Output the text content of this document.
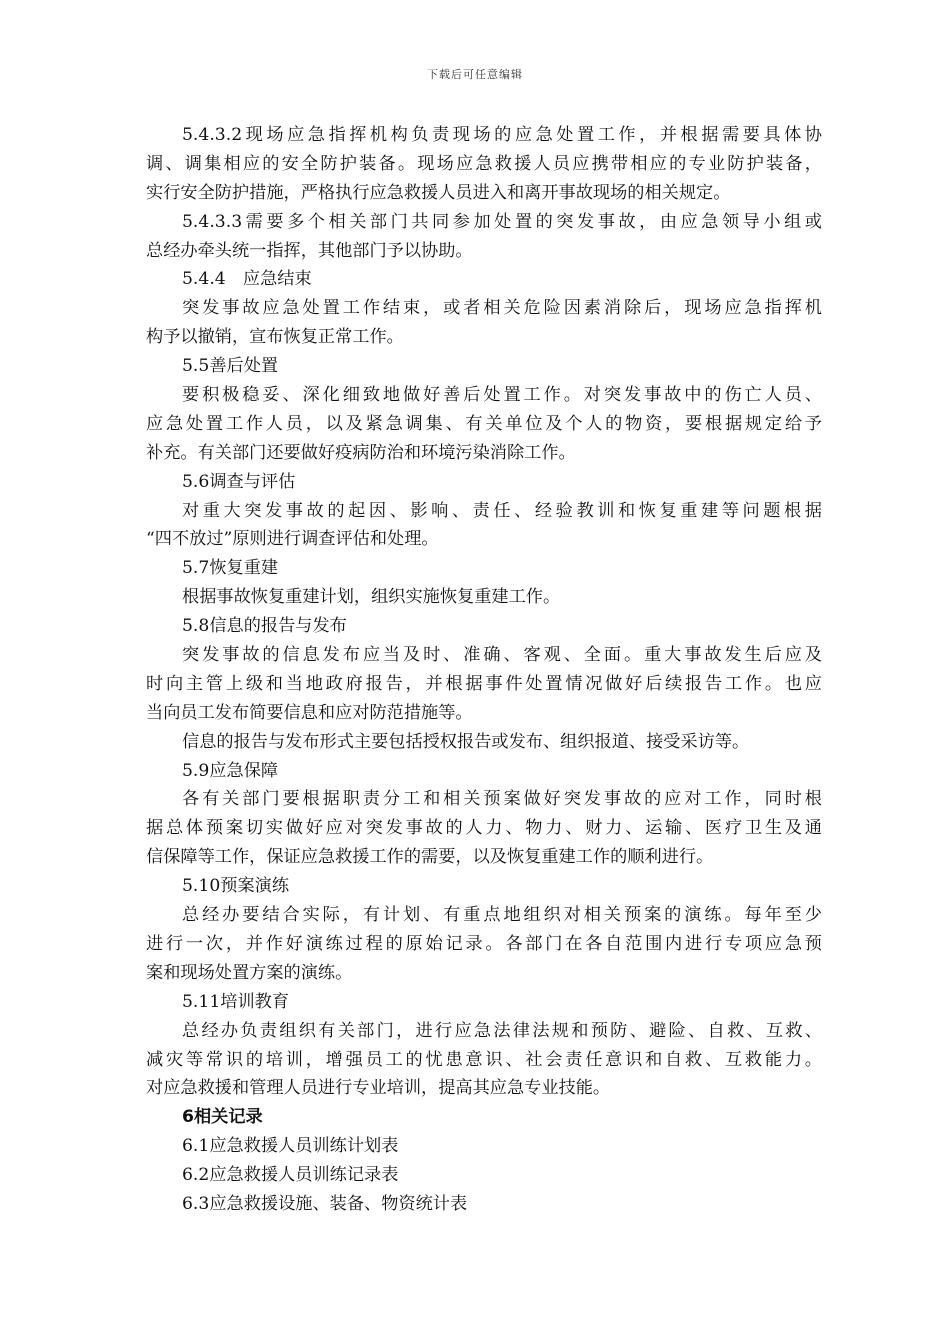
下载后可任意编辑
5.4.3.2现场应急指挥机构负责现场的应急处置工作，并根据需要具体协
调、调集相应的安全防护装备。现场应急救援人员应携带相应的专业防护装备，
实行安全防护措施，严格执行应急救援人员进入和离开事故现场的相关规定。
5.4.3.3需要多个相关部门共同参加处置的突发事故，由应急领导小组或
总经办牵头统一指挥，其他部门予以协助。
5.4.4　应急结束
突发事故应急处置工作结束，或者相关危险因素消除后，现场应急指挥机
构予以撤销，宣布恢复正常工作。
5.5善后处置
要积极稳妥、深化细致地做好善后处置工作。对突发事故中的伤亡人员、
应急处置工作人员，以及紧急调集、有关单位及个人的物资，要根据规定给予
补充。有关部门还要做好疫病防治和环境污染消除工作。
5.6调查与评估
对重大突发事故的起因、影响、责任、经验教训和恢复重建等问题根据
“四不放过”原则进行调查评估和处理。
5.7恢复重建
根据事故恢复重建计划，组织实施恢复重建工作。
5.8信息的报告与发布
突发事故的信息发布应当及时、准确、客观、全面。重大事故发生后应及
时向主管上级和当地政府报告，并根据事件处置情况做好后续报告工作。也应
当向员工发布简要信息和应对防范措施等。
信息的报告与发布形式主要包括授权报告或发布、组织报道、接受采访等。
5.9应急保障
各有关部门要根据职责分工和相关预案做好突发事故的应对工作，同时根
据总体预案切实做好应对突发事故的人力、物力、财力、运输、医疗卫生及通
信保障等工作，保证应急救援工作的需要，以及恢复重建工作的顺利进行。
5.10预案演练
总经办要结合实际，有计划、有重点地组织对相关预案的演练。每年至少
进行一次，并作好演练过程的原始记录。各部门在各自范围内进行专项应急预
案和现场处置方案的演练。
5.11培训教育
总经办负责组织有关部门，进行应急法律法规和预防、避险、自救、互救、
减灾等常识的培训，增强员工的忧患意识、社会责任意识和自救、互救能力。
对应急救援和管理人员进行专业培训，提高其应急专业技能。
6相关记录
6.1应急救援人员训练计划表
6.2应急救援人员训练记录表
6.3应急救援设施、装备、物资统计表
